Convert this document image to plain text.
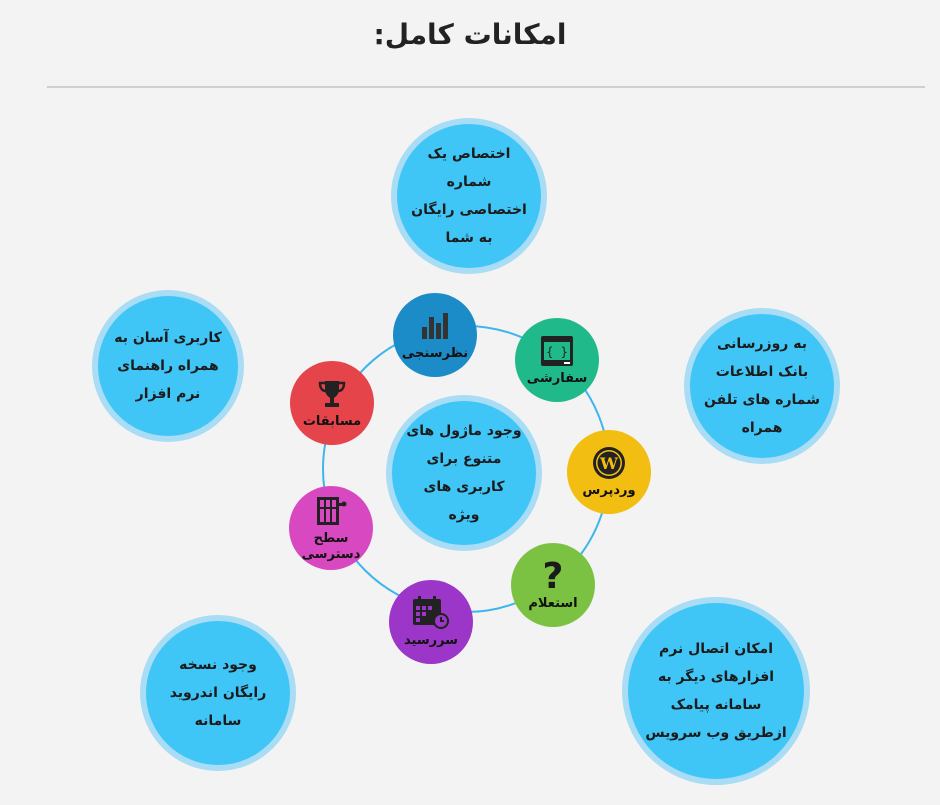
امکانات کامل:
اختصاص یک شماره اختصاصی رایگان به شما
کاربری آسان به همراه راهنمای نرم افزار
به روزرسانی بانک اطلاعات شماره های تلفن همراه
وجود نسخه رایگان اندروید سامانه
امکان اتصال نرم افزارهای دیگر به سامانه پیامک ازطریق وب سرویس
وجود ماژول های متنوع برای کاربری های ویژه
نظرسنجی	{ }
سفارشی
W
وردپرس
?
استعلام
سررسید
سطح دسترسی
مسابقات
